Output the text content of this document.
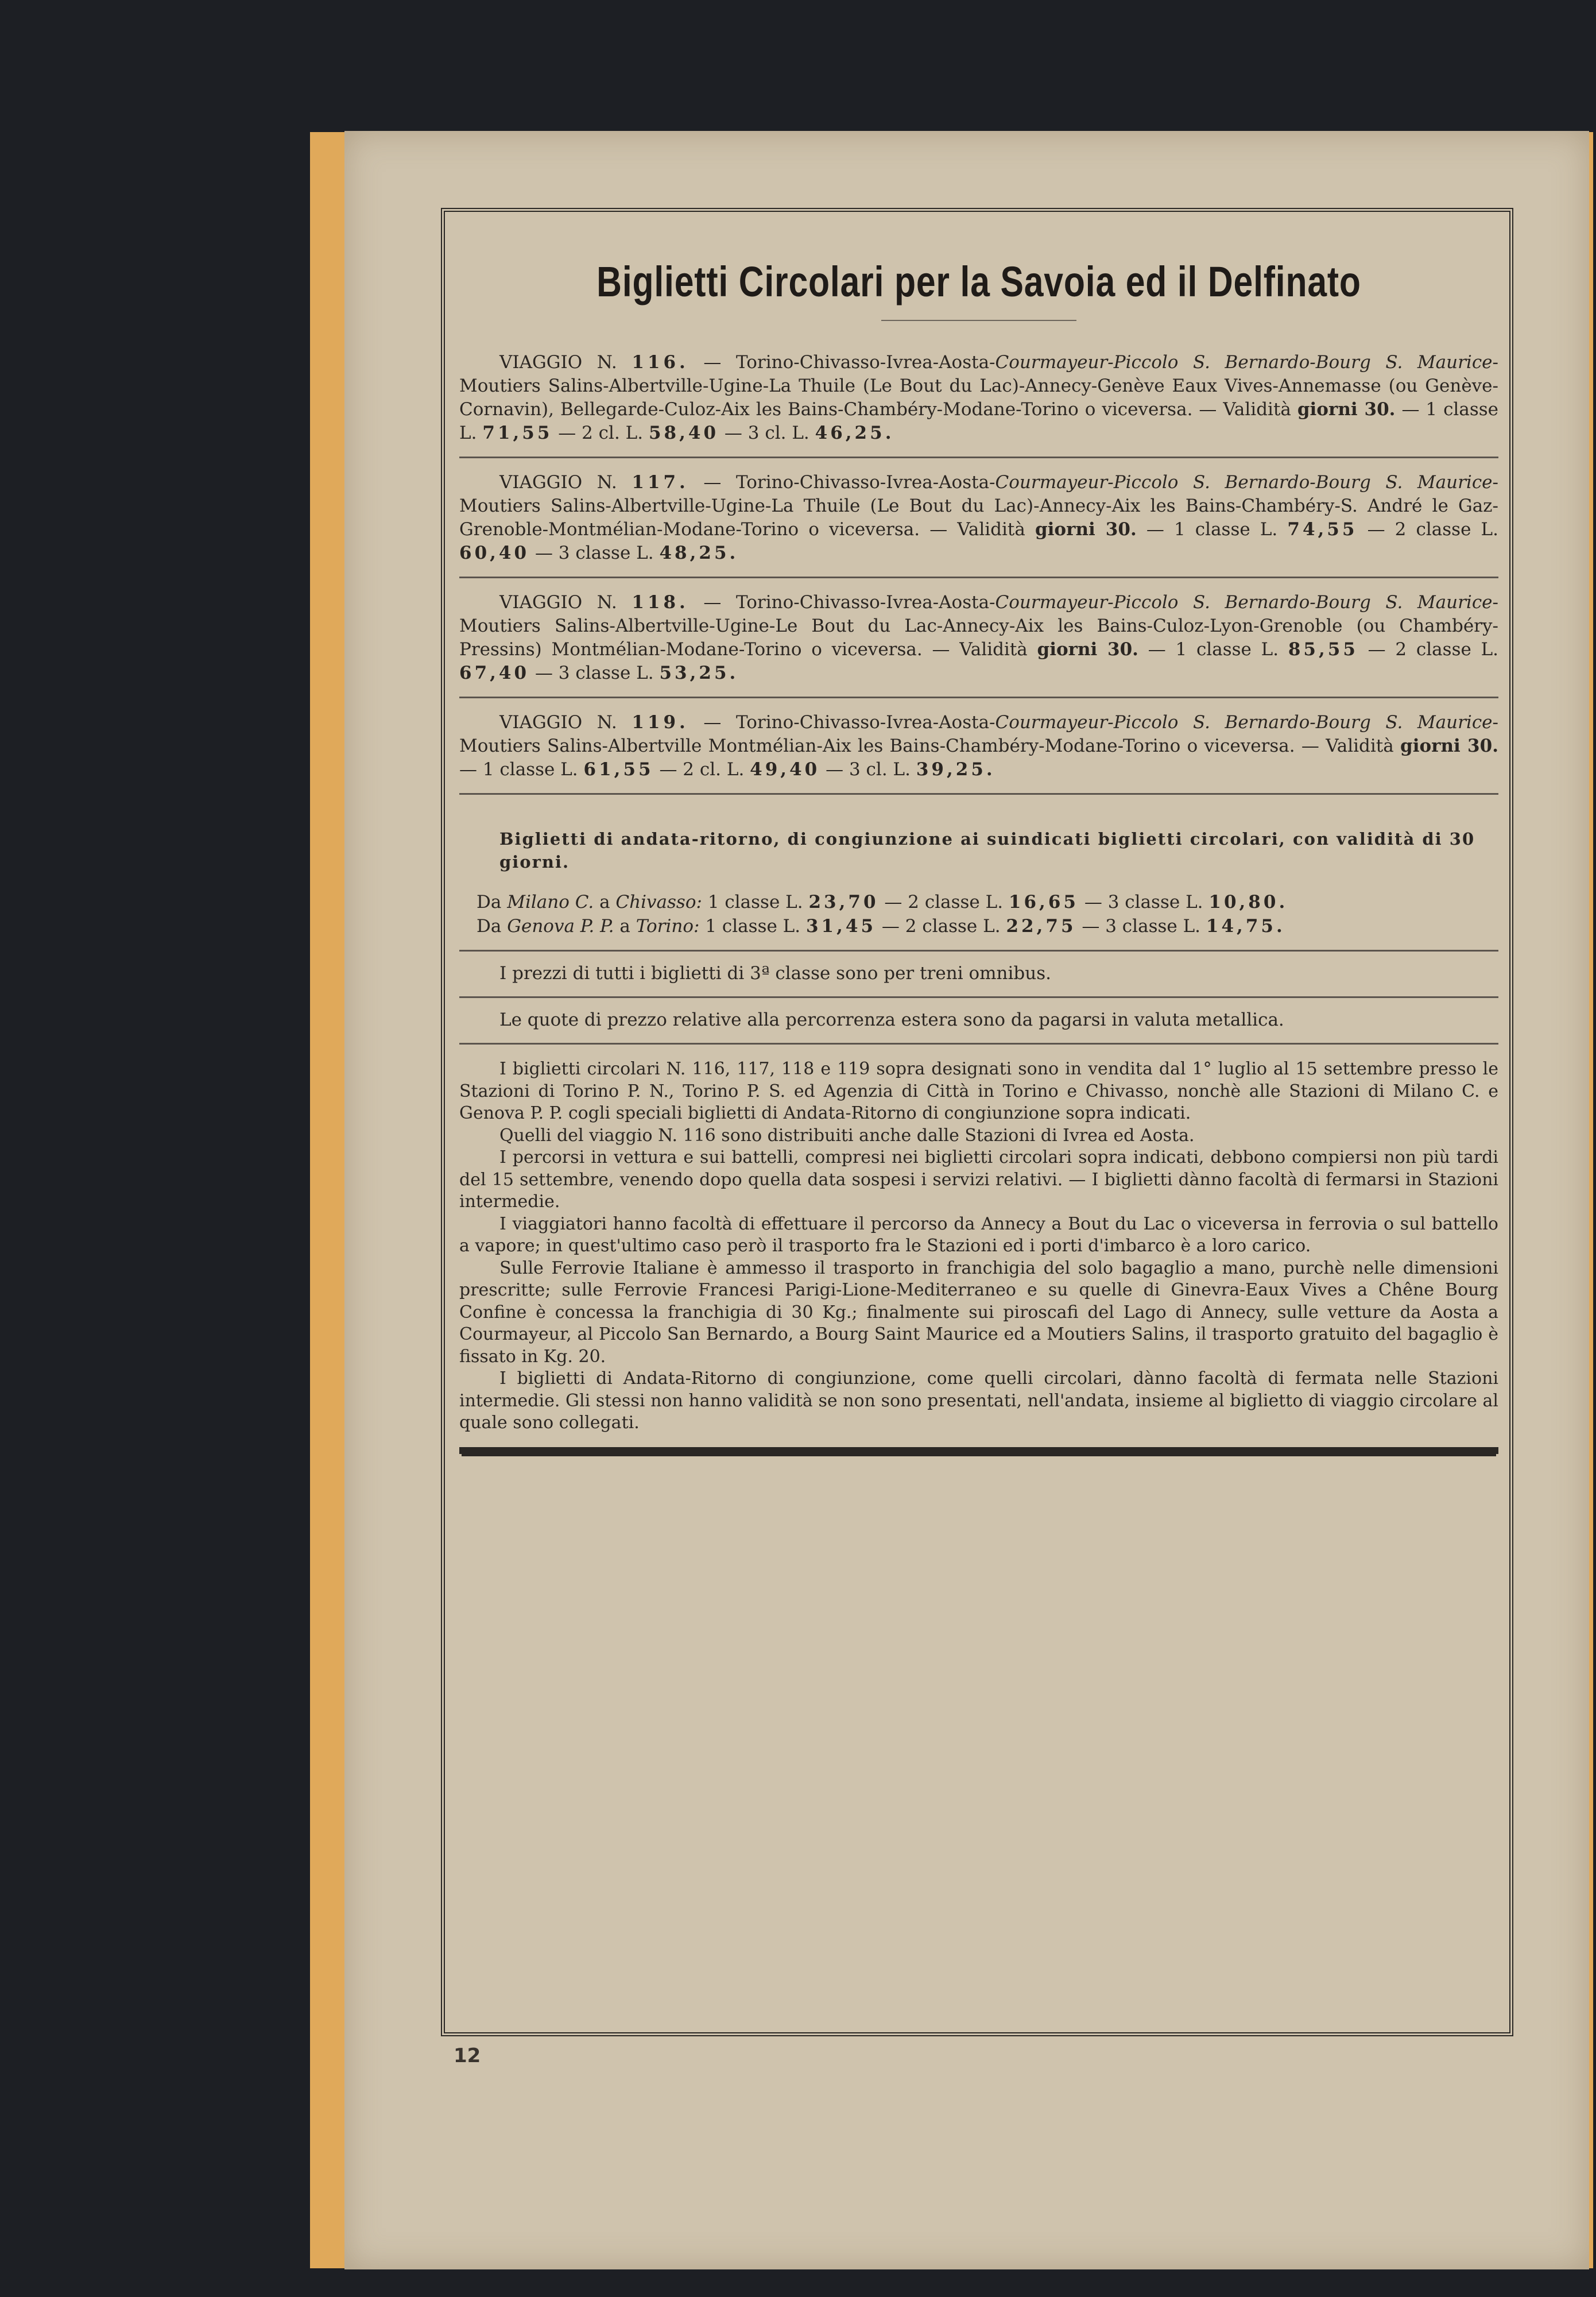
Biglietti Circolari per la Savoia ed il Delfinato

VIAGGIO N. 116. — Torino-Chivasso-Ivrea-Aosta-Courmayeur-Piccolo S. Bernardo-Bourg S. Maurice-Moutiers Salins-Albertville-Ugine-La Thuile (Le Bout du Lac)-Annecy-Genève Eaux Vives-Annemasse (ou Genève-Cornavin), Bellegarde-Culoz-Aix les Bains-Chambéry-Modane-Torino o viceversa. — Validità giorni 30. — 1 classe L. 71,55 — 2 cl. L. 58,40 — 3 cl. L. 46,25.

VIAGGIO N. 117. — Torino-Chivasso-Ivrea-Aosta-Courmayeur-Piccolo S. Bernardo-Bourg S. Maurice-Moutiers Salins-Albertville-Ugine-La Thuile (Le Bout du Lac)-Annecy-Aix les Bains-Chambéry-S. André le Gaz-Grenoble-Montmélian-Modane-Torino o viceversa. — Validità giorni 30. — 1 classe L. 74,55 — 2 classe L. 60,40 — 3 classe L. 48,25.

VIAGGIO N. 118. — Torino-Chivasso-Ivrea-Aosta-Courmayeur-Piccolo S. Bernardo-Bourg S. Maurice-Moutiers Salins-Albertville-Ugine-Le Bout du Lac-Annecy-Aix les Bains-Culoz-Lyon-Grenoble (ou Chambéry-Pressins) Montmélian-Modane-Torino o viceversa. — Validità giorni 30. — 1 classe L. 85,55 — 2 classe L. 67,40 — 3 classe L. 53,25.

VIAGGIO N. 119. — Torino-Chivasso-Ivrea-Aosta-Courmayeur-Piccolo S. Bernardo-Bourg S. Maurice-Moutiers Salins-Albertville Montmélian-Aix les Bains-Chambéry-Modane-Torino o viceversa. — Validità giorni 30. — 1 classe L. 61,55 — 2 cl. L. 49,40 — 3 cl. L. 39,25.

Biglietti di andata-ritorno, di congiunzione ai suindicati biglietti circolari, con validità di 30 giorni.

Da Milano C. a Chivasso: 1 classe L. 23,70 — 2 classe L. 16,65 — 3 classe L. 10,80.
Da Genova P. P. a Torino: 1 classe L. 31,45 — 2 classe L. 22,75 — 3 classe L. 14,75.
I prezzi di tutti i biglietti di 3ª classe sono per treni omnibus.
Le quote di prezzo relative alla percorrenza estera sono da pagarsi in valuta metallica.

I biglietti circolari N. 116, 117, 118 e 119 sopra designati sono in vendita dal 1° luglio al 15 settembre presso le Stazioni di Torino P. N., Torino P. S. ed Agenzia di Città in Torino e Chivasso, nonchè alle Stazioni di Milano C. e Genova P. P. cogli speciali biglietti di Andata-Ritorno di congiunzione sopra indicati.

Quelli del viaggio N. 116 sono distribuiti anche dalle Stazioni di Ivrea ed Aosta.

I percorsi in vettura e sui battelli, compresi nei biglietti circolari sopra indicati, debbono compiersi non più tardi del 15 settembre, venendo dopo quella data sospesi i servizi relativi. — I biglietti dànno facoltà di fermarsi in Stazioni intermedie.

I viaggiatori hanno facoltà di effettuare il percorso da Annecy a Bout du Lac o viceversa in ferrovia o sul battello a vapore; in quest'ultimo caso però il trasporto fra le Stazioni ed i porti d'imbarco è a loro carico.

Sulle Ferrovie Italiane è ammesso il trasporto in franchigia del solo bagaglio a mano, purchè nelle dimensioni prescritte; sulle Ferrovie Francesi Parigi-Lione-Mediterraneo e su quelle di Ginevra-Eaux Vives a Chêne Bourg Confine è concessa la franchigia di 30 Kg.; finalmente sui piroscafi del Lago di Annecy, sulle vetture da Aosta a Courmayeur, al Piccolo San Bernardo, a Bourg Saint Maurice ed a Moutiers Salins, il trasporto gratuito del bagaglio è fissato in Kg. 20.

I biglietti di Andata-Ritorno di congiunzione, come quelli circolari, dànno facoltà di fermata nelle Stazioni intermedie. Gli stessi non hanno validità se non sono presentati, nell'andata, insieme al biglietto di viaggio circolare al quale sono collegati.

12
